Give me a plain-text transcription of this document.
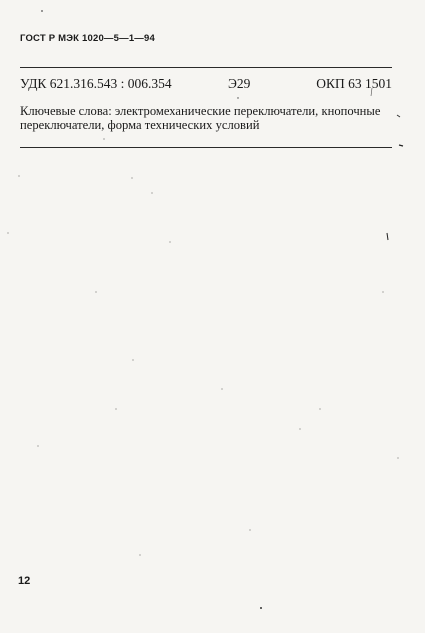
ГОСТ Р МЭК 1020—5—1—94
УДК 621.316.543 : 006.354	Э29	ОКП 63 1501
Ключевые слова: электромеханические переключатели, кнопочные
переключатели, форма технических условий
12
